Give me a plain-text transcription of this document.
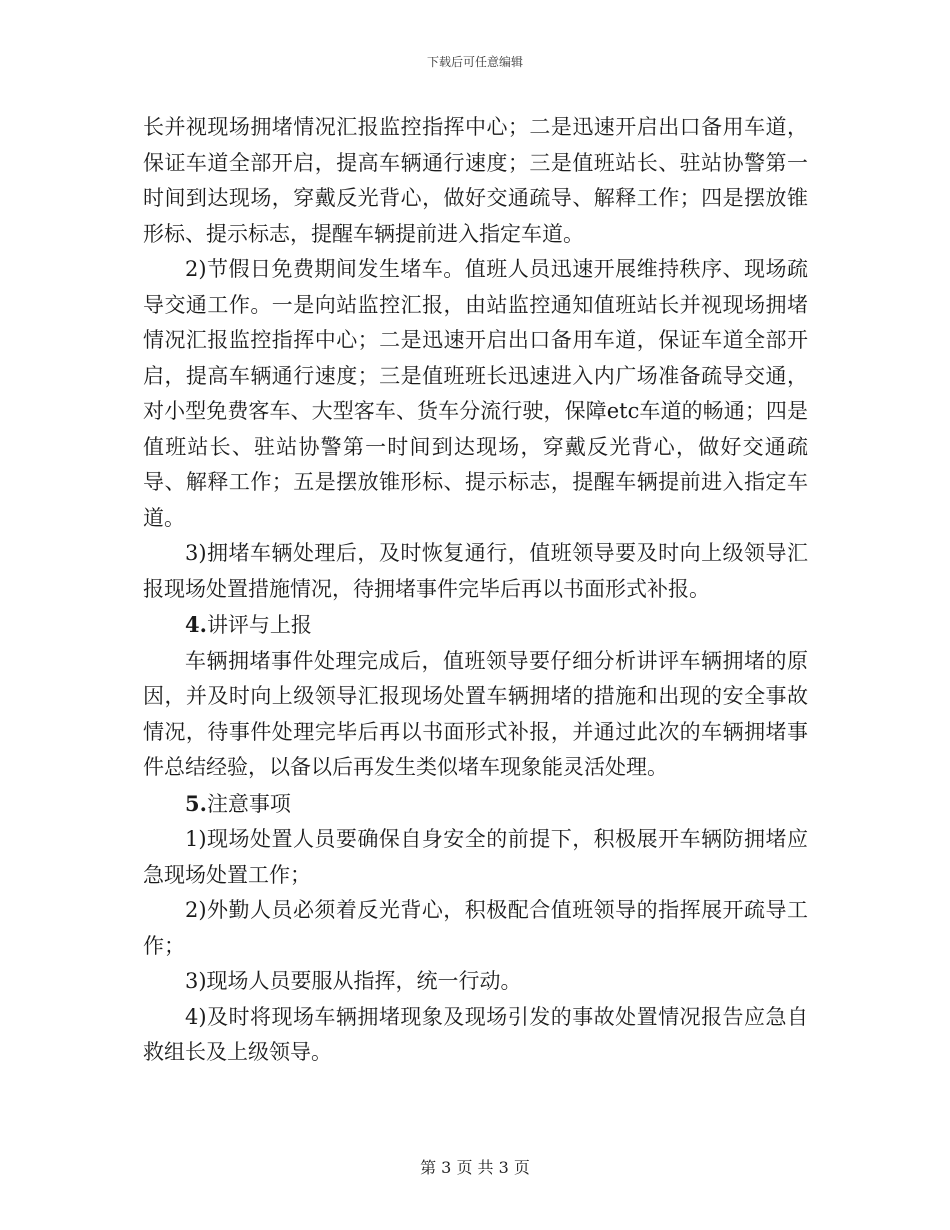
下载后可任意编辑

长并视现场拥堵情况汇报监控指挥中心；二是迅速开启出口备用车道，保证车道全部开启，提高车辆通行速度；三是值班站长、驻站协警第一时间到达现场，穿戴反光背心，做好交通疏导、解释工作；四是摆放锥形标、提示标志，提醒车辆提前进入指定车道。

2)节假日免费期间发生堵车。值班人员迅速开展维持秩序、现场疏导交通工作。一是向站监控汇报，由站监控通知值班站长并视现场拥堵情况汇报监控指挥中心；二是迅速开启出口备用车道，保证车道全部开启，提高车辆通行速度；三是值班班长迅速进入内广场准备疏导交通，对小型免费客车、大型客车、货车分流行驶，保障etc车道的畅通；四是值班站长、驻站协警第一时间到达现场，穿戴反光背心，做好交通疏导、解释工作；五是摆放锥形标、提示标志，提醒车辆提前进入指定车道。

3)拥堵车辆处理后，及时恢复通行，值班领导要及时向上级领导汇报现场处置措施情况，待拥堵事件完毕后再以书面形式补报。

4.讲评与上报

车辆拥堵事件处理完成后，值班领导要仔细分析讲评车辆拥堵的原因，并及时向上级领导汇报现场处置车辆拥堵的措施和出现的安全事故情况，待事件处理完毕后再以书面形式补报，并通过此次的车辆拥堵事件总结经验，以备以后再发生类似堵车现象能灵活处理。

5.注意事项

1)现场处置人员要确保自身安全的前提下，积极展开车辆防拥堵应急现场处置工作；

2)外勤人员必须着反光背心，积极配合值班领导的指挥展开疏导工作；

3)现场人员要服从指挥，统一行动。

4)及时将现场车辆拥堵现象及现场引发的事故处置情况报告应急自救组长及上级领导。

第 3 页 共 3 页
